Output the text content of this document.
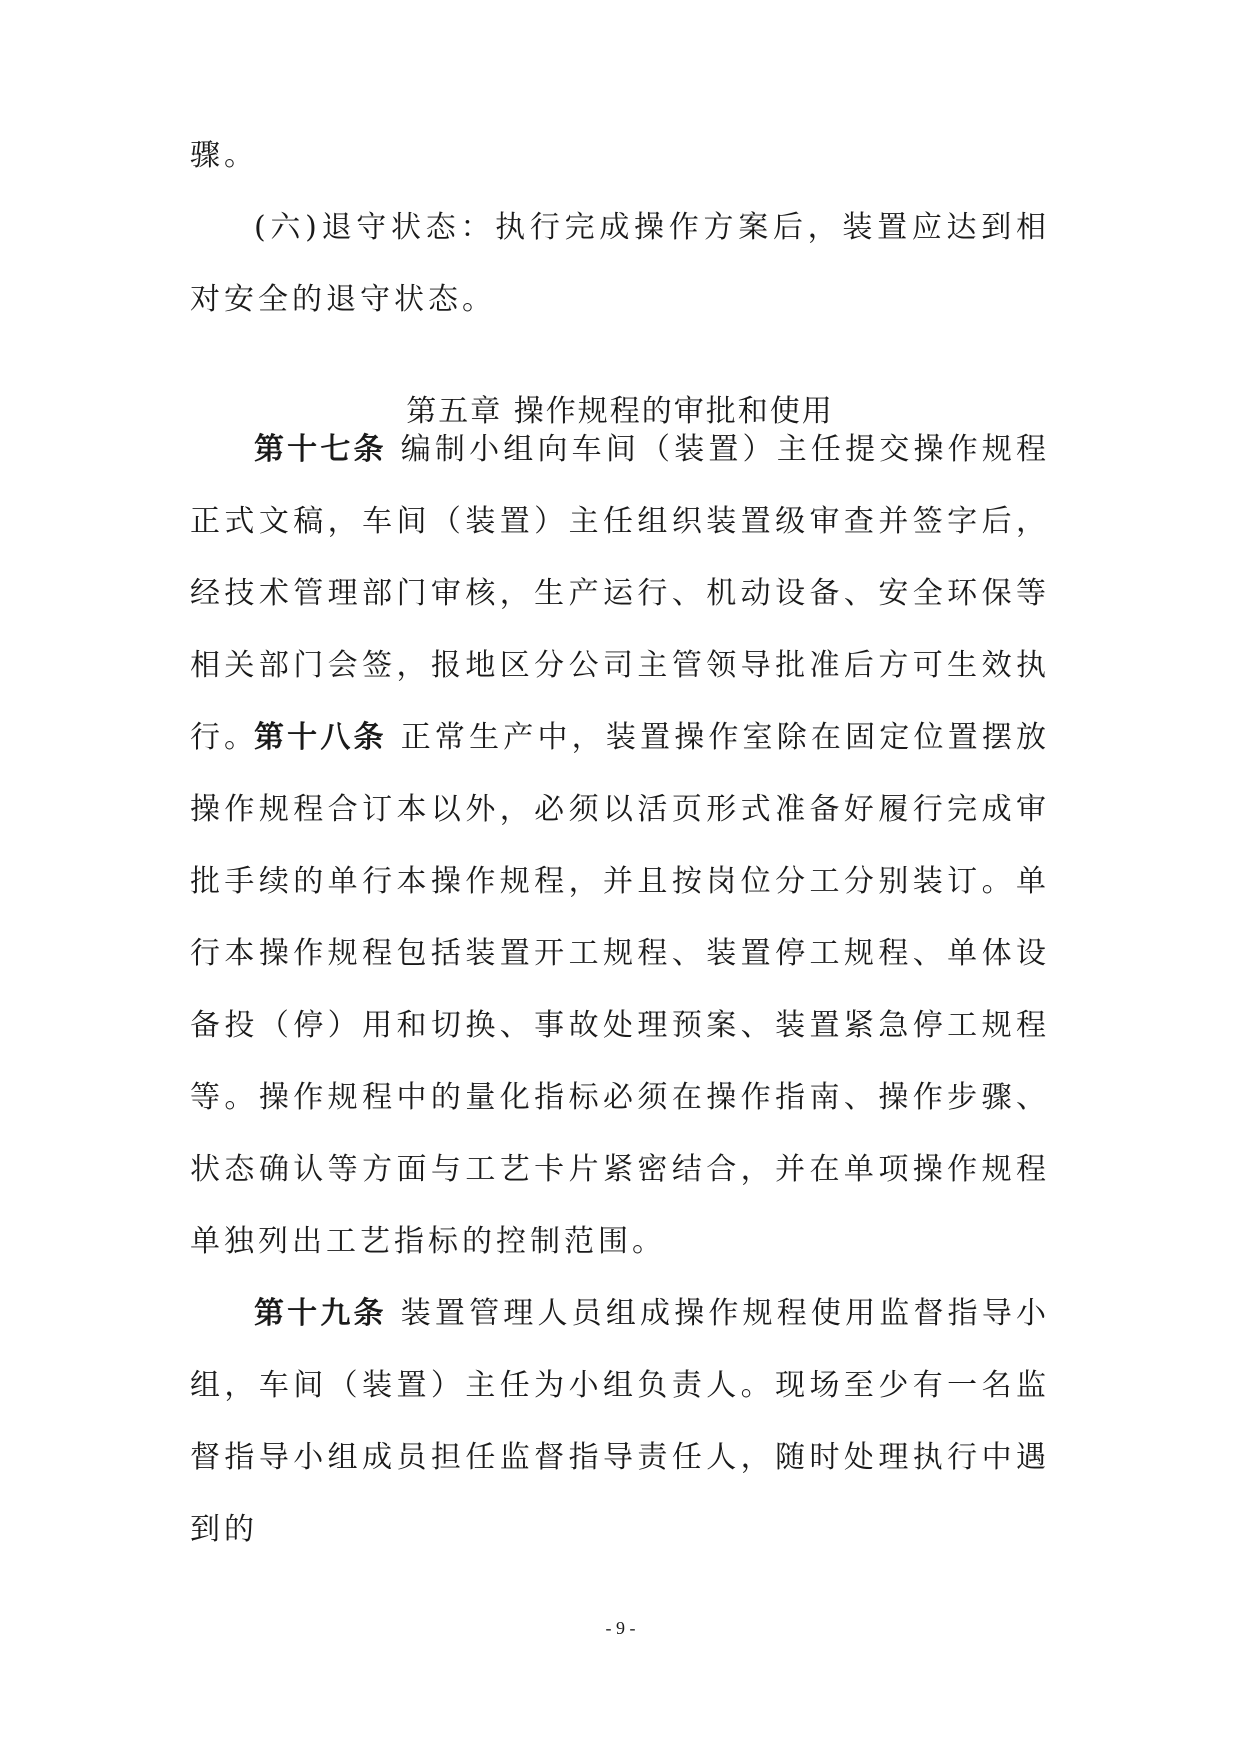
骤。

(六)退守状态：执行完成操作方案后，装置应达到相对安全的退守状态。

第五章 操作规程的审批和使用

第十七条 编制小组向车间（装置）主任提交操作规程正式文稿，车间（装置）主任组织装置级审查并签字后，经技术管理部门审核，生产运行、机动设备、安全环保等相关部门会签，报地区分公司主管领导批准后方可生效执行。

第十八条 正常生产中，装置操作室除在固定位置摆放操作规程合订本以外，必须以活页形式准备好履行完成审批手续的单行本操作规程，并且按岗位分工分别装订。单行本操作规程包括装置开工规程、装置停工规程、单体设备投（停）用和切换、事故处理预案、装置紧急停工规程等。操作规程中的量化指标必须在操作指南、操作步骤、状态确认等方面与工艺卡片紧密结合，并在单项操作规程单独列出工艺指标的控制范围。

第十九条 装置管理人员组成操作规程使用监督指导小组，车间（装置）主任为小组负责人。现场至少有一名监督指导小组成员担任监督指导责任人，随时处理执行中遇到的

- 9 -
